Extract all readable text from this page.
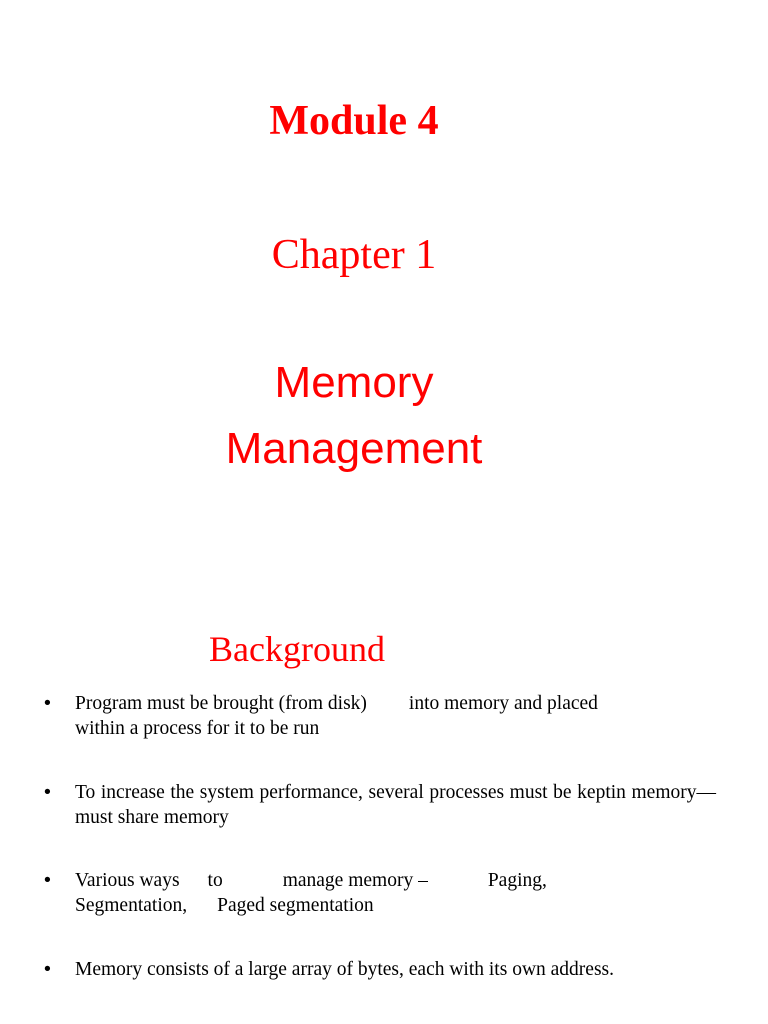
Module 4
Chapter 1
Memory
Management
Background
• Program must be brought (from disk) into memory and placed
within a process for it to be run
• To increase the system performance, several processes must be keptin memory—must share memory
• Various ways to	manage memory –	Paging,
Segmentation, Paged segmentation
• Memory consists of a large array of bytes, each with its own address.
